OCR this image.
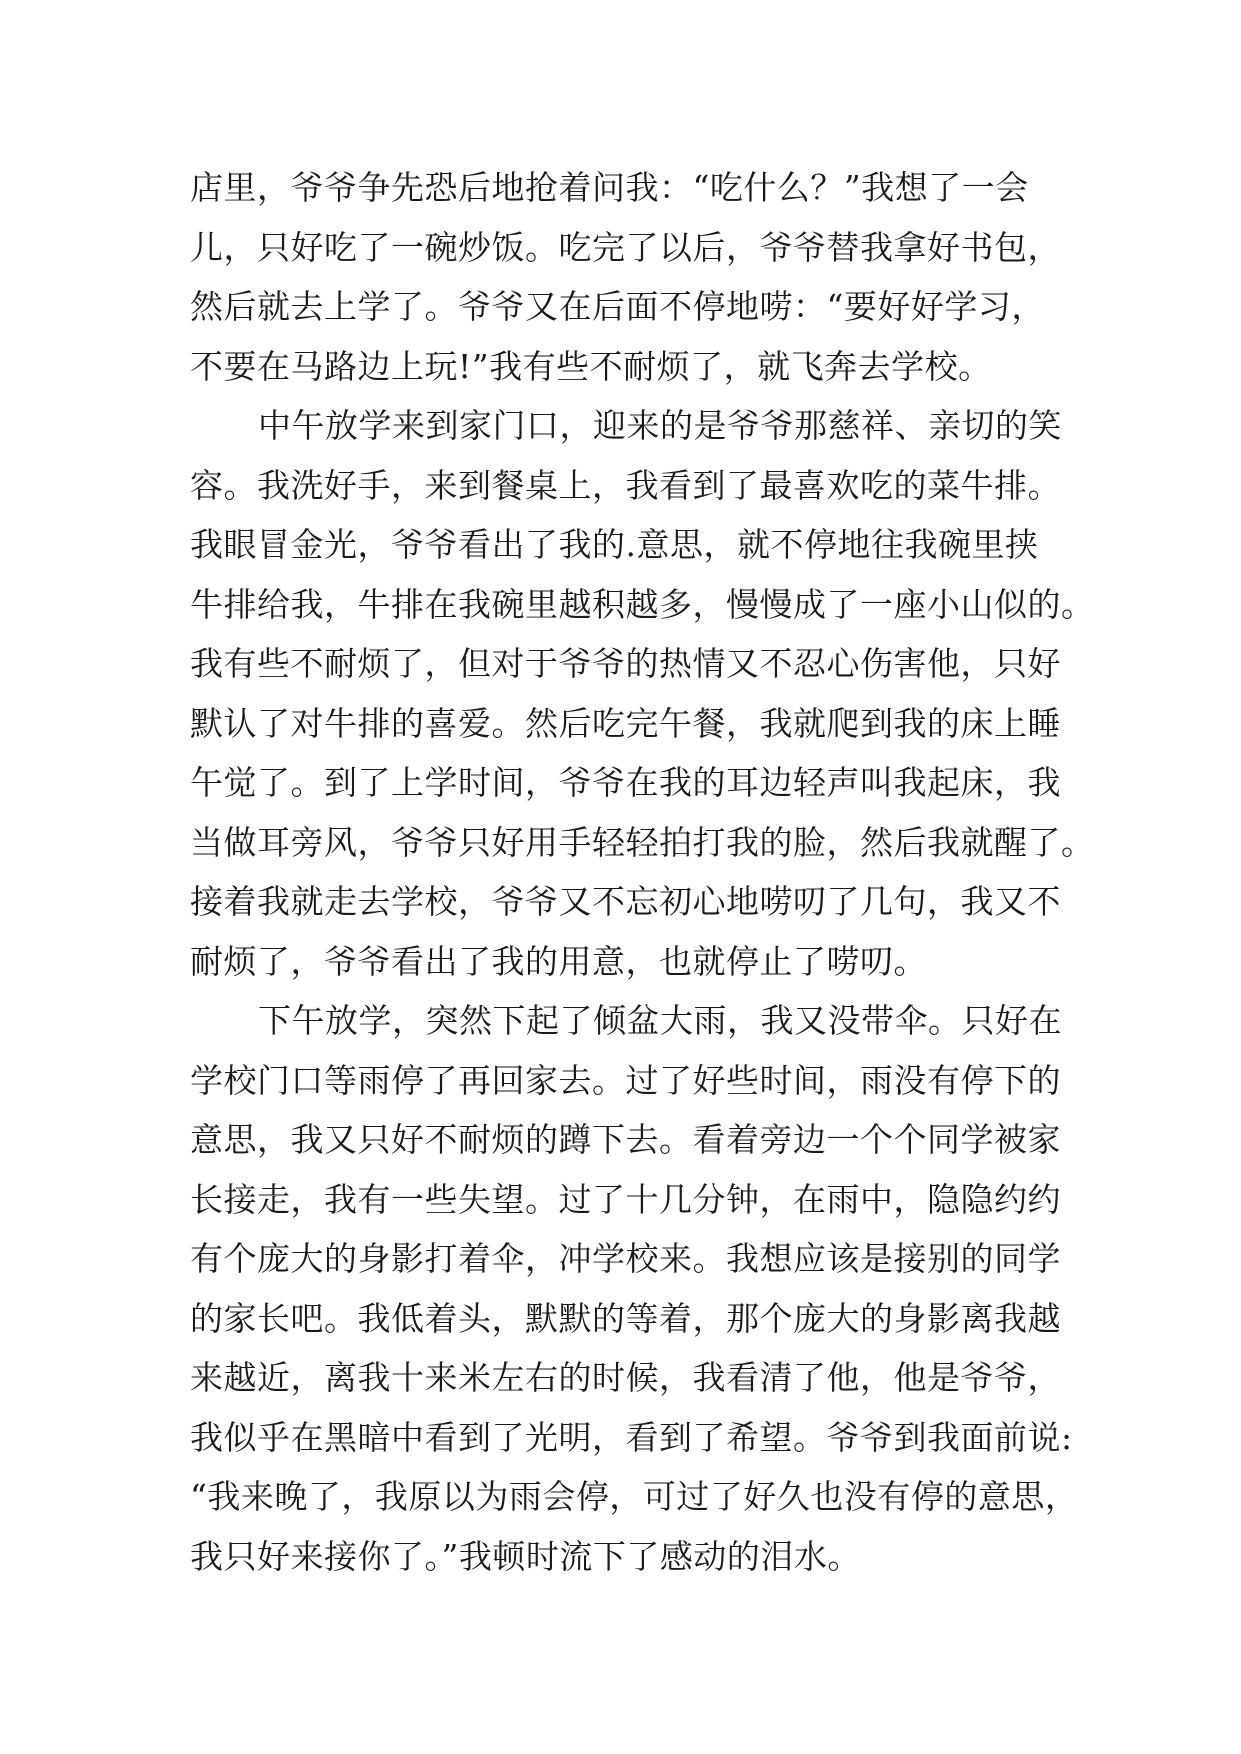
店里，爷爷争先恐后地抢着问我：“吃什么？”我想了一会
儿，只好吃了一碗炒饭。吃完了以后，爷爷替我拿好书包，
然后就去上学了。爷爷又在后面不停地唠：“要好好学习，
不要在马路边上玩!”我有些不耐烦了，就飞奔去学校。
中午放学来到家门口，迎来的是爷爷那慈祥、亲切的笑
容。我洗好手，来到餐桌上，我看到了最喜欢吃的菜牛排。
我眼冒金光，爷爷看出了我的.意思，就不停地往我碗里挟
牛排给我，牛排在我碗里越积越多，慢慢成了一座小山似的。
我有些不耐烦了，但对于爷爷的热情又不忍心伤害他，只好
默认了对牛排的喜爱。然后吃完午餐，我就爬到我的床上睡
午觉了。到了上学时间，爷爷在我的耳边轻声叫我起床，我
当做耳旁风，爷爷只好用手轻轻拍打我的脸，然后我就醒了。
接着我就走去学校，爷爷又不忘初心地唠叨了几句，我又不
耐烦了，爷爷看出了我的用意，也就停止了唠叨。
下午放学，突然下起了倾盆大雨，我又没带伞。只好在
学校门口等雨停了再回家去。过了好些时间，雨没有停下的
意思，我又只好不耐烦的蹲下去。看着旁边一个个同学被家
长接走，我有一些失望。过了十几分钟，在雨中，隐隐约约
有个庞大的身影打着伞，冲学校来。我想应该是接别的同学
的家长吧。我低着头，默默的等着，那个庞大的身影离我越
来越近，离我十来米左右的时候，我看清了他，他是爷爷，
我似乎在黑暗中看到了光明，看到了希望。爷爷到我面前说:
“我来晚了，我原以为雨会停，可过了好久也没有停的意思，
我只好来接你了。”我顿时流下了感动的泪水。
